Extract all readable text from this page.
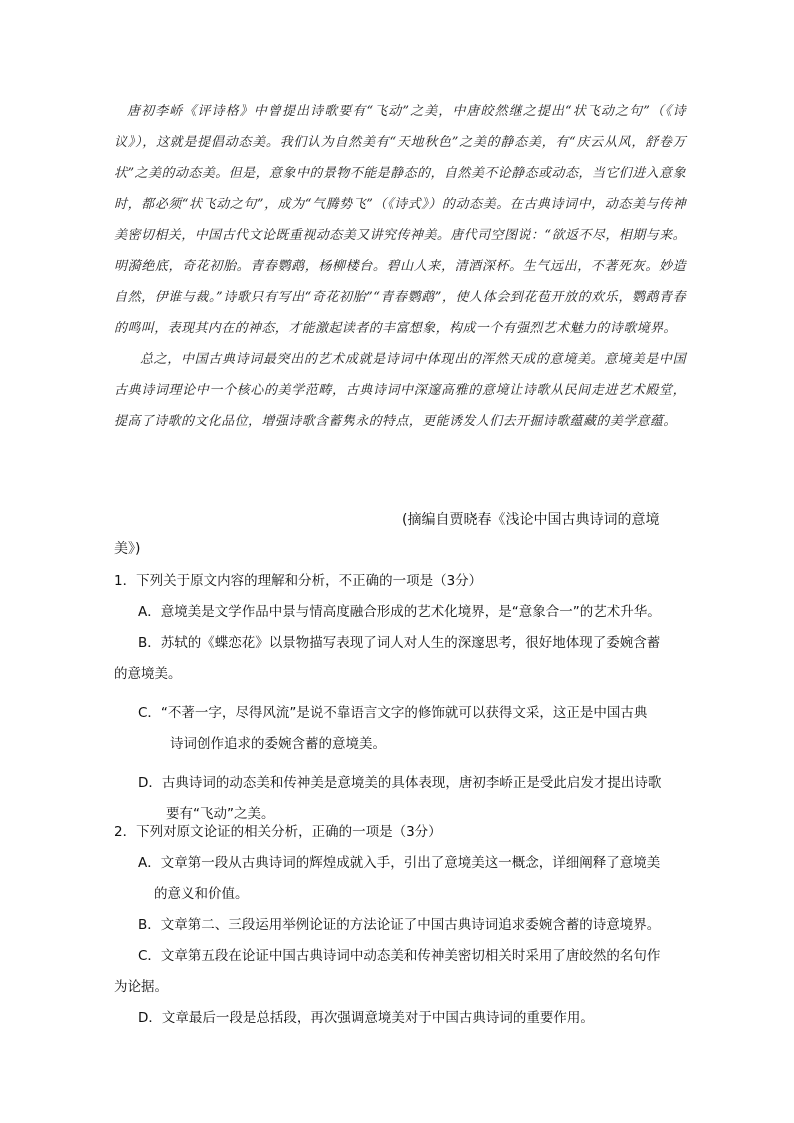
唐初李峤《评诗格》中曾提出诗歌要有“飞动”之美，中唐皎然继之提出“状飞动之句”（《诗议》），这就是提倡动态美。我们认为自然美有“天地秋色”之美的静态美，有“庆云从风，舒卷万状”之美的动态美。但是，意象中的景物不能是静态的，自然美不论静态或动态，当它们进入意象时，都必须“状飞动之句”，成为“气腾势飞”（《诗式》）的动态美。在古典诗词中，动态美与传神美密切相关，中国古代文论既重视动态美又讲究传神美。唐代司空图说：“欲返不尽，相期与来。明漪绝底，奇花初胎。青春鹦鹉，杨柳楼台。碧山人来，清酒深杯。生气远出，不著死灰。妙造自然，伊谁与裁。”诗歌只有写出“奇花初胎”“青春鹦鹉”，使人体会到花苞开放的欢乐，鹦鹉青春的鸣叫，表现其内在的神态，才能激起读者的丰富想象，构成一个有强烈艺术魅力的诗歌境界。

总之，中国古典诗词最突出的艺术成就是诗词中体现出的浑然天成的意境美。意境美是中国古典诗词理论中一个核心的美学范畴，古典诗词中深邃高雅的意境让诗歌从民间走进艺术殿堂，提高了诗歌的文化品位，增强诗歌含蓄隽永的特点，更能诱发人们去开掘诗歌蕴藏的美学意蕴。

(摘编自贾晓春《浅论中国古典诗词的意境
美》)

1．下列关于原文内容的理解和分析，不正确的一项是（3分）

A．意境美是文学作品中景与情高度融合形成的艺术化境界，是“意象合一”的艺术升华。

B．苏轼的《蝶恋花》以景物描写表现了词人对人生的深邃思考，很好地体现了委婉含蓄
的意境美。

C．“不著一字，尽得风流”是说不靠语言文字的修饰就可以获得文采，这正是中国古典
诗词创作追求的委婉含蓄的意境美。

D．古典诗词的动态美和传神美是意境美的具体表现，唐初李峤正是受此启发才提出诗歌
要有“飞动”之美。

2．下列对原文论证的相关分析，正确的一项是（3分）

A．文章第一段从古典诗词的辉煌成就入手，引出了意境美这一概念，详细阐释了意境美
的意义和价值。

B．文章第二、三段运用举例论证的方法论证了中国古典诗词追求委婉含蓄的诗意境界。

C．文章第五段在论证中国古典诗词中动态美和传神美密切相关时采用了唐皎然的名句作
为论据。

D．文章最后一段是总括段，再次强调意境美对于中国古典诗词的重要作用。
